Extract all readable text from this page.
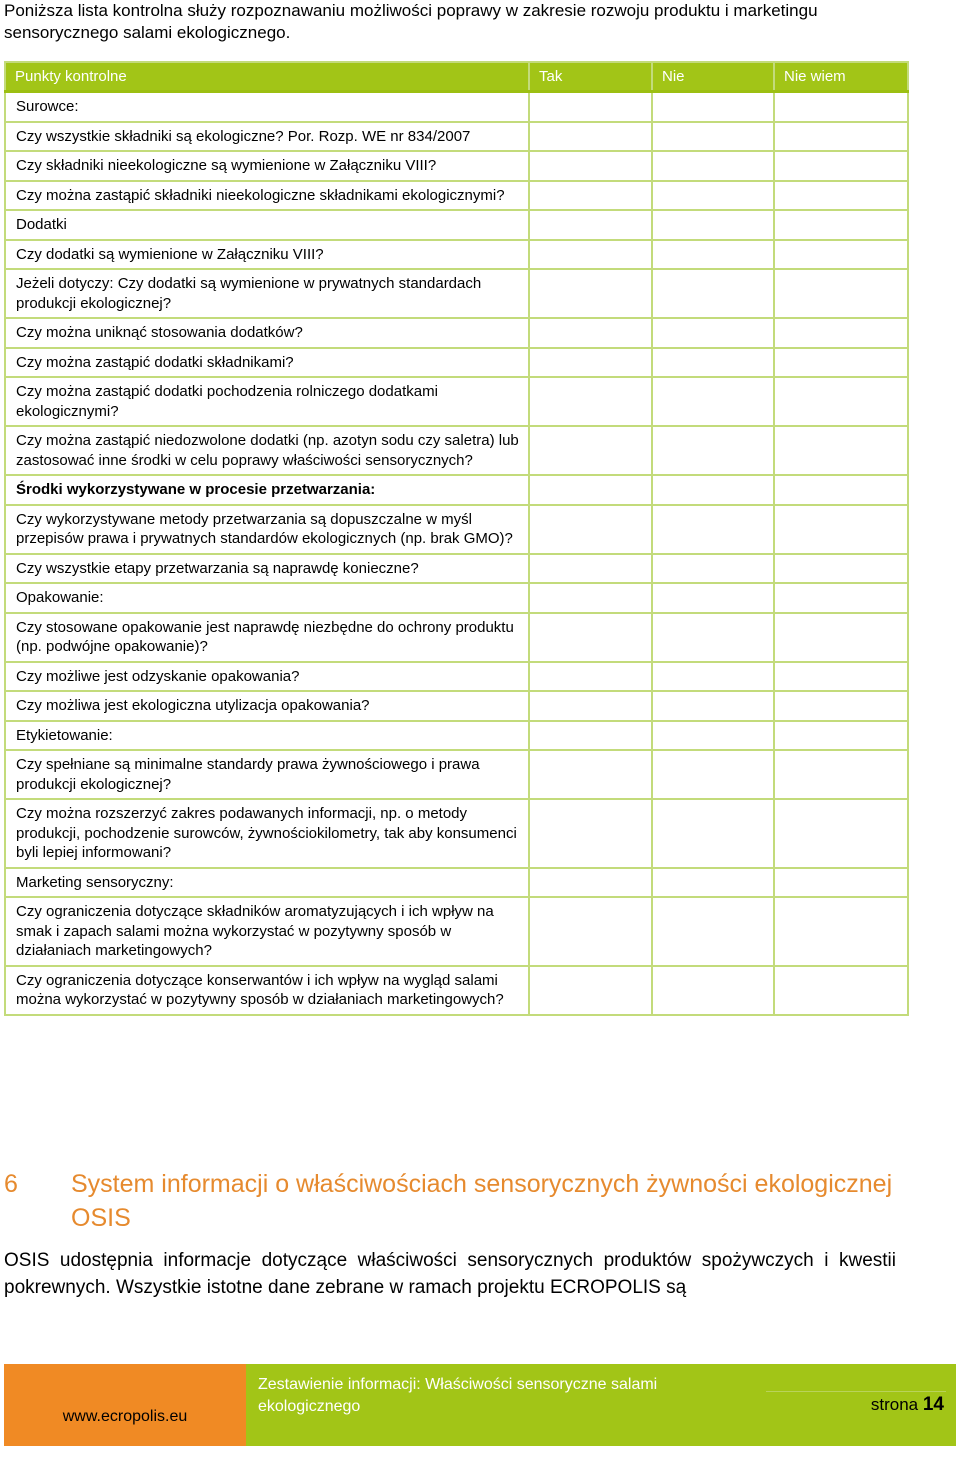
Poniższa lista kontrolna służy rozpoznawaniu możliwości poprawy w zakresie rozwoju produktu i marketingu sensorycznego salami ekologicznego.

Punkty kontrolne	Tak	Nie	Nie wiem
Surowce:			
Czy wszystkie składniki są ekologiczne? Por. Rozp. WE nr 834/2007			
Czy składniki nieekologiczne są wymienione w Załączniku VIII?			
Czy można zastąpić składniki nieekologiczne składnikami ekologicznymi?			
Dodatki			
Czy dodatki są wymienione w Załączniku VIII?			
Jeżeli dotyczy: Czy dodatki są wymienione w prywatnych standardach produkcji ekologicznej?			
Czy można uniknąć stosowania dodatków?			
Czy można zastąpić dodatki składnikami?			
Czy można zastąpić dodatki pochodzenia rolniczego dodatkami ekologicznymi?			
Czy można zastąpić niedozwolone dodatki (np. azotyn sodu czy saletra) lub zastosować inne środki w celu poprawy właściwości sensorycznych?			
Środki wykorzystywane w procesie przetwarzania:			
Czy wykorzystywane metody przetwarzania są dopuszczalne w myśl przepisów prawa i prywatnych standardów ekologicznych (np. brak GMO)?			
Czy wszystkie etapy przetwarzania są naprawdę konieczne?			
Opakowanie:			
Czy stosowane opakowanie jest naprawdę niezbędne do ochrony produktu (np. podwójne opakowanie)?			
Czy możliwe jest odzyskanie opakowania?			
Czy możliwa jest ekologiczna utylizacja opakowania?			
Etykietowanie:			
Czy spełniane są minimalne standardy prawa żywnościowego i prawa produkcji ekologicznej?			
Czy można rozszerzyć zakres podawanych informacji, np. o metody produkcji, pochodzenie surowców, żywnościokilometry, tak aby konsumenci byli lepiej informowani?			
Marketing sensoryczny:			
Czy ograniczenia dotyczące składników aromatyzujących i ich wpływ na smak i zapach salami można wykorzystać w pozytywny sposób w działaniach marketingowych?			
Czy ograniczenia dotyczące konserwantów i ich wpływ na wygląd salami można wykorzystać w pozytywny sposób w działaniach marketingowych?			
6	System informacji o właściwościach sensorycznych żywności ekologicznej OSIS

OSIS udostępnia informacje dotyczące właściwości sensorycznych produktów spożywczych i kwestii pokrewnych. Wszystkie istotne dane zebrane w ramach projektu ECROPOLIS są

www.ecropolis.eu
Zestawienie informacji: Właściwości sensoryczne salami ekologicznego	strona 14
